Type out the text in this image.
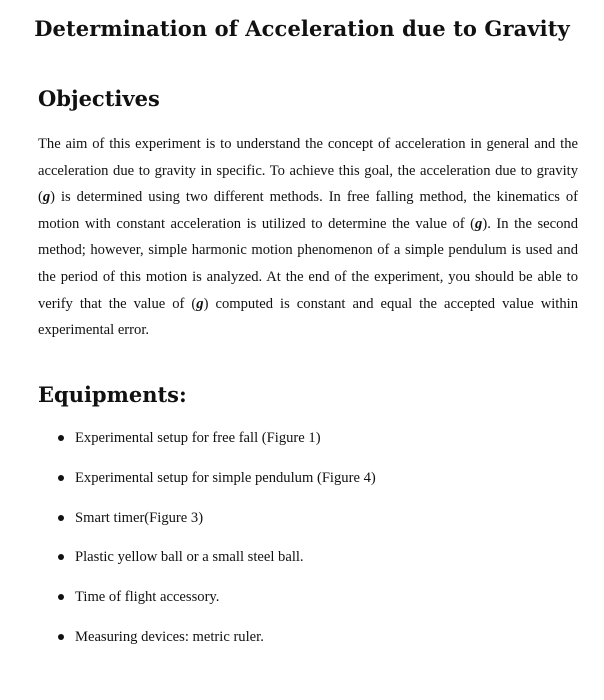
Determination of Acceleration due to Gravity
Objectives

The aim of this experiment is to understand the concept of acceleration in general and the acceleration due to gravity in specific. To achieve this goal, the acceleration due to gravity (g) is determined using two different methods. In free falling method, the kinematics of motion with constant acceleration is utilized to determine the value of (g). In the second method; however, simple harmonic motion phenomenon of a simple pendulum is used and the period of this motion is analyzed. At the end of the experiment, you should be able to verify that the value of (g) computed is constant and equal the accepted value within experimental error.

Equipments:
Experimental setup for free fall (Figure 1)
Experimental setup for simple pendulum (Figure 4)
Smart timer(Figure 3)
Plastic yellow ball or a small steel ball.
Time of flight accessory.
Measuring devices: metric ruler.
